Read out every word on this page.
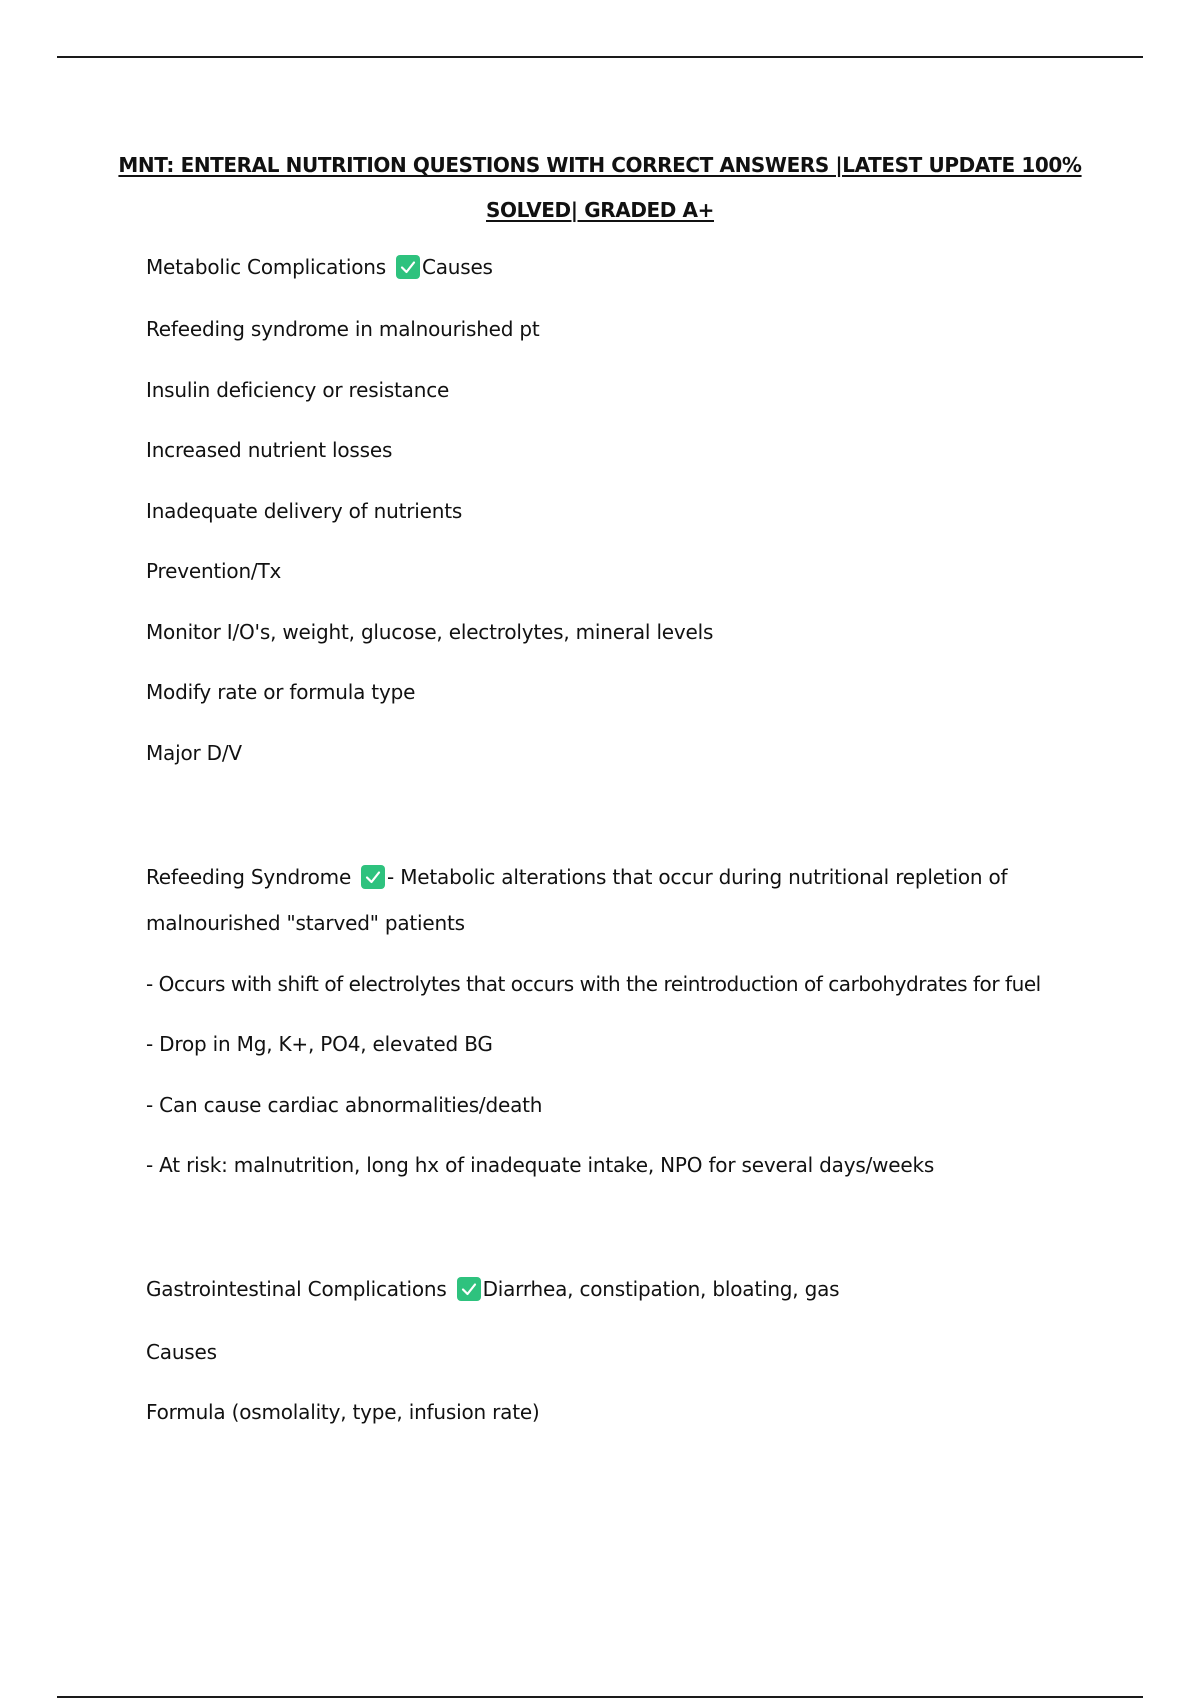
MNT: ENTERAL NUTRITION QUESTIONS WITH CORRECT ANSWERS |LATEST UPDATE 100%
SOLVED| GRADED A+
Metabolic Complications Causes
Refeeding syndrome in malnourished pt
Insulin deficiency or resistance
Increased nutrient losses
Inadequate delivery of nutrients
Prevention/Tx
Monitor I/O's, weight, glucose, electrolytes, mineral levels
Modify rate or formula type
Major D/V
Refeeding Syndrome - Metabolic alterations that occur during nutritional repletion of
malnourished "starved" patients
- Occurs with shift of electrolytes that occurs with the reintroduction of carbohydrates for fuel
- Drop in Mg, K+, PO4, elevated BG
- Can cause cardiac abnormalities/death
- At risk: malnutrition, long hx of inadequate intake, NPO for several days/weeks
Gastrointestinal Complications Diarrhea, constipation, bloating, gas
Causes
Formula (osmolality, type, infusion rate)
